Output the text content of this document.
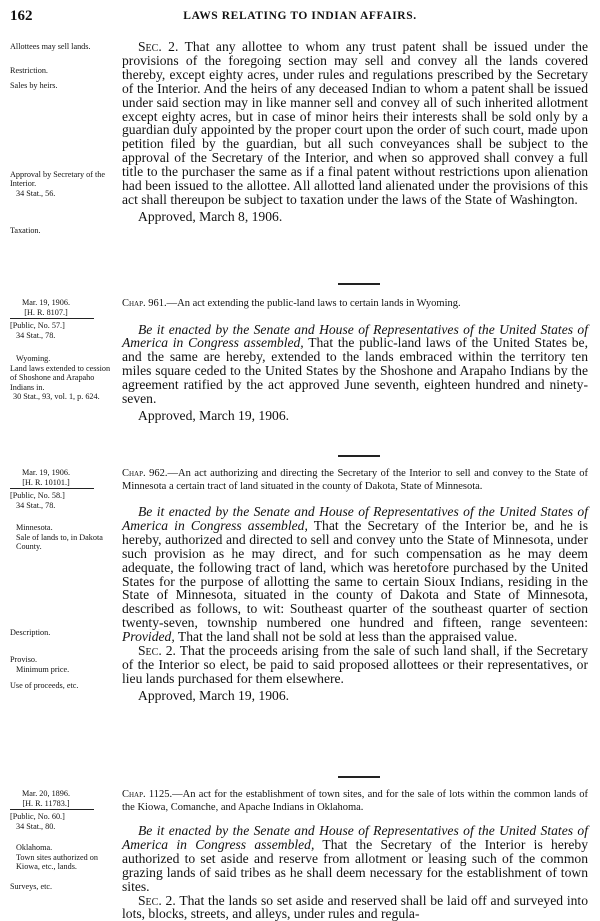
162	LAWS RELATING TO INDIAN AFFAIRS.

Allottees may sell lands.

Restriction.

Sales by heirs.

Approval by Secretary of the Interior.

34 Stat., 56.

Taxation.

Sec. 2. That any allottee to whom any trust patent shall be issued under the provisions of the foregoing section may sell and convey all the lands covered thereby, except eighty acres, under rules and regulations prescribed by the Secretary of the Interior. And the heirs of any deceased Indian to whom a patent shall be issued under said section may in like manner sell and convey all of such inherited allotment except eighty acres, but in case of minor heirs their interests shall be sold only by a guardian duly appointed by the proper court upon the order of such court, made upon petition filed by the guardian, but all such conveyances shall be subject to the approval of the Secretary of the Interior, and when so approved shall convey a full title to the purchaser the same as if a final patent without restrictions upon alienation had been issued to the allottee. All allotted land alienated under the provisions of this act shall thereupon be subject to taxation under the laws of the State of Washington.

Approved, March 8, 1906.

Mar. 19, 1906.

[H. R. 8107.]

[Public, No. 57.]

34 Stat., 78.

Wyoming.

Land laws extended to cession of Shoshone and Arapaho Indians in.

30 Stat., 93, vol. 1, p. 624.

Chap. 961.—An act extending the public-land laws to certain lands in Wyoming.

Be it enacted by the Senate and House of Representatives of the United States of America in Congress assembled, That the public-land laws of the United States be, and the same are hereby, extended to the lands embraced within the territory ten miles square ceded to the United States by the Shoshone and Arapaho Indians by the agreement ratified by the act approved June seventh, eighteen hundred and ninety-seven.

Approved, March 19, 1906.

Mar. 19, 1906.

[H. R. 10101.]

[Public, No. 58.]

34 Stat., 78.

Minnesota.

Sale of lands to, in Dakota County.

Description.

Proviso.

Minimum price.

Use of proceeds, etc.

Chap. 962.—An act authorizing and directing the Secretary of the Interior to sell and convey to the State of Minnesota a certain tract of land situated in the county of Dakota, State of Minnesota.

Be it enacted by the Senate and House of Representatives of the United States of America in Congress assembled, That the Secretary of the Interior be, and he is hereby, authorized and directed to sell and convey unto the State of Minnesota, under such provision as he may direct, and for such compensation as he may deem adequate, the following tract of land, which was heretofore purchased by the United States for the purpose of allotting the same to certain Sioux Indians, residing in the State of Minnesota, situated in the county of Dakota and State of Minnesota, described as follows, to wit: Southeast quarter of the southeast quarter of section twenty-seven, township numbered one hundred and fifteen, range seventeen: Provided, That the land shall not be sold at less than the appraised value.

Sec. 2. That the proceeds arising from the sale of such land shall, if the Secretary of the Interior so elect, be paid to said proposed allottees or their representatives, or lieu lands purchased for them elsewhere.

Approved, March 19, 1906.

Mar. 20, 1896.

[H. R. 11783.]

[Public, No. 60.]

34 Stat., 80.

Oklahoma.

Town sites authorized on Kiowa, etc., lands.

Surveys, etc.

Chap. 1125.—An act for the establishment of town sites, and for the sale of lots within the common lands of the Kiowa, Comanche, and Apache Indians in Oklahoma.

Be it enacted by the Senate and House of Representatives of the United States of America in Congress assembled, That the Secretary of the Interior is hereby authorized to set aside and reserve from allotment or leasing such of the common grazing lands of said tribes as he shall deem necessary for the establishment of town sites.

Sec. 2. That the lands so set aside and reserved shall be laid off and surveyed into lots, blocks, streets, and alleys, under rules and regula-
